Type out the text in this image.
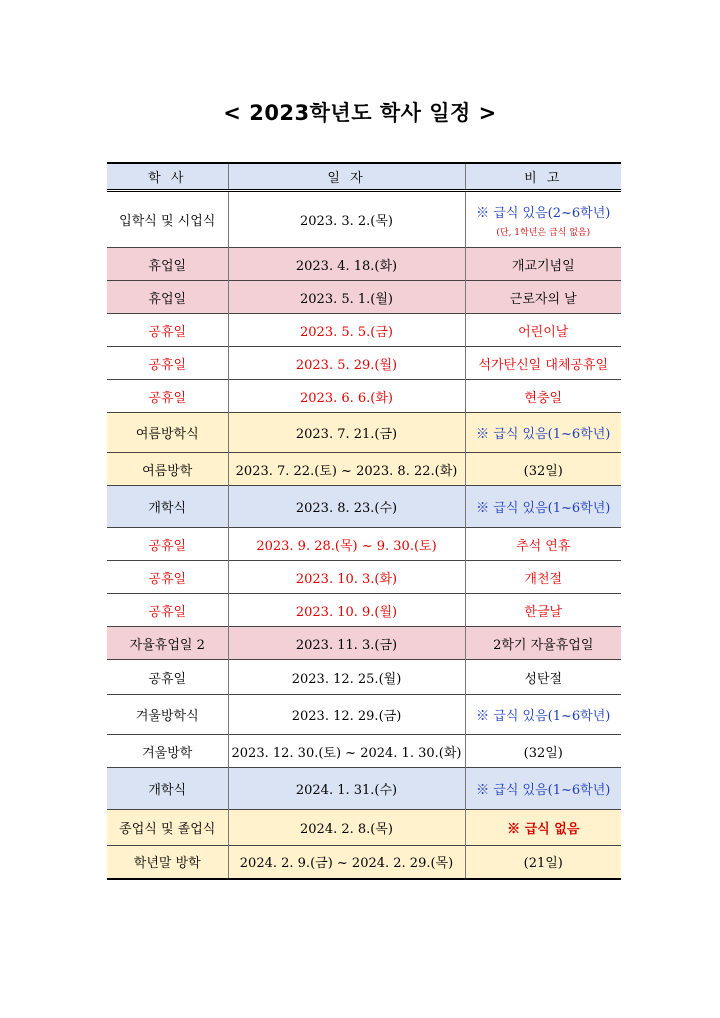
< 2023학년도 학사 일정 >
학 사	일 자	비 고
입학식 및 시업식	2023. 3. 2.(목)	※ 급식 있음(2~6학년)
(단, 1학년은 급식 없음)

휴업일	2023. 4. 18.(화)	개교기념일
휴업일	2023. 5. 1.(월)	근로자의 날
공휴일	2023. 5. 5.(금)	어린이날
공휴일	2023. 5. 29.(월)	석가탄신일 대체공휴일
공휴일	2023. 6. 6.(화)	현충일
여름방학식	2023. 7. 21.(금)	※ 급식 있음(1~6학년)
여름방학	2023. 7. 22.(토) ~ 2023. 8. 22.(화)	(32일)
개학식	2023. 8. 23.(수)	※ 급식 있음(1~6학년)
공휴일	2023. 9. 28.(목) ~ 9. 30.(토)	추석 연휴
공휴일	2023. 10. 3.(화)	개천절
공휴일	2023. 10. 9.(월)	한글날
자율휴업일 2	2023. 11. 3.(금)	2학기 자율휴업일
공휴일	2023. 12. 25.(월)	성탄절
겨울방학식	2023. 12. 29.(금)	※ 급식 있음(1~6학년)
겨울방학	2023. 12. 30.(토) ~ 2024. 1. 30.(화)	(32일)
개학식	2024. 1. 31.(수)	※ 급식 있음(1~6학년)
종업식 및 졸업식	2024. 2. 8.(목)	※ 급식 없음
학년말 방학	2024. 2. 9.(금) ~ 2024. 2. 29.(목)	(21일)
